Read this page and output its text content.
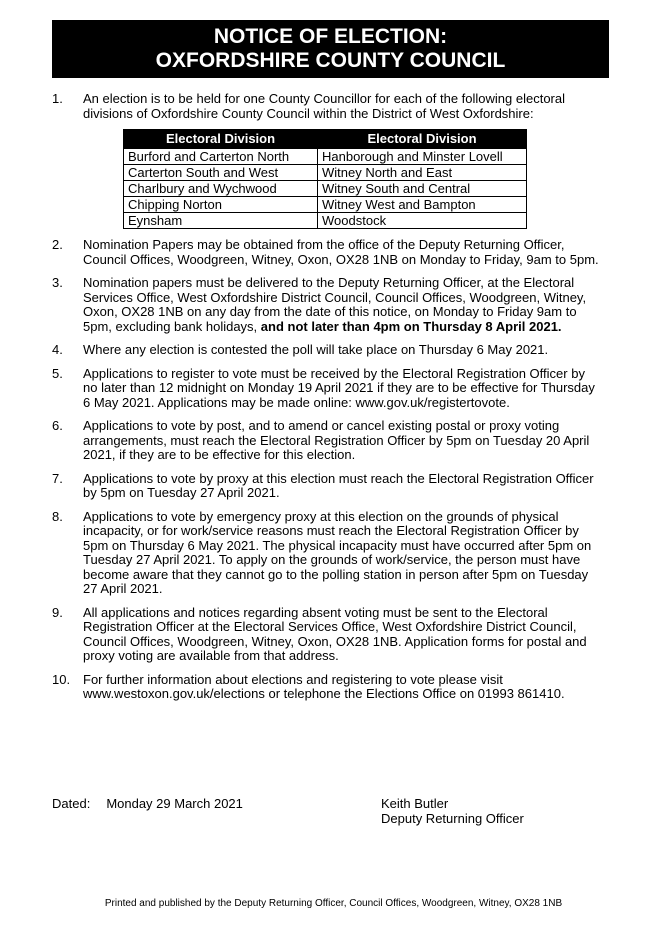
NOTICE OF ELECTION:
OXFORDSHIRE COUNTY COUNCIL
1. An election is to be held for one County Councillor for each of the following electoral divisions of Oxfordshire County Council within the District of West Oxfordshire:
Electoral Division	Electoral Division
Burford and Carterton North	Hanborough and Minster Lovell
Carterton South and West	Witney North and East
Charlbury and Wychwood	Witney South and Central
Chipping Norton	Witney West and Bampton
Eynsham	Woodstock
2. Nomination Papers may be obtained from the office of the Deputy Returning Officer, Council Offices, Woodgreen, Witney, Oxon, OX28 1NB on Monday to Friday, 9am to 5pm.
3. Nomination papers must be delivered to the Deputy Returning Officer, at the Electoral Services Office, West Oxfordshire District Council, Council Offices, Woodgreen, Witney, Oxon, OX28 1NB on any day from the date of this notice, on Monday to Friday 9am to 5pm, excluding bank holidays, and not later than 4pm on Thursday 8 April 2021.
4. Where any election is contested the poll will take place on Thursday 6 May 2021.
5. Applications to register to vote must be received by the Electoral Registration Officer by no later than 12 midnight on Monday 19 April 2021 if they are to be effective for Thursday 6 May 2021. Applications may be made online: www.gov.uk/registertovote.
6. Applications to vote by post, and to amend or cancel existing postal or proxy voting arrangements, must reach the Electoral Registration Officer by 5pm on Tuesday 20 April 2021, if they are to be effective for this election.
7. Applications to vote by proxy at this election must reach the Electoral Registration Officer by 5pm on Tuesday 27 April 2021.
8. Applications to vote by emergency proxy at this election on the grounds of physical incapacity, or for work/service reasons must reach the Electoral Registration Officer by 5pm on Thursday 6 May 2021. The physical incapacity must have occurred after 5pm on Tuesday 27 April 2021. To apply on the grounds of work/service, the person must have become aware that they cannot go to the polling station in person after 5pm on Tuesday 27 April 2021.
9. All applications and notices regarding absent voting must be sent to the Electoral Registration Officer at the Electoral Services Office, West Oxfordshire District Council, Council Offices, Woodgreen, Witney, Oxon, OX28 1NB. Application forms for postal and proxy voting are available from that address.
10. For further information about elections and registering to vote please visit www.westoxon.gov.uk/elections or telephone the Elections Office on 01993 861410.
Dated: Monday 29 March 2021	Keith Butler
Deputy Returning Officer
Printed and published by the Deputy Returning Officer, Council Offices, Woodgreen, Witney, OX28 1NB
